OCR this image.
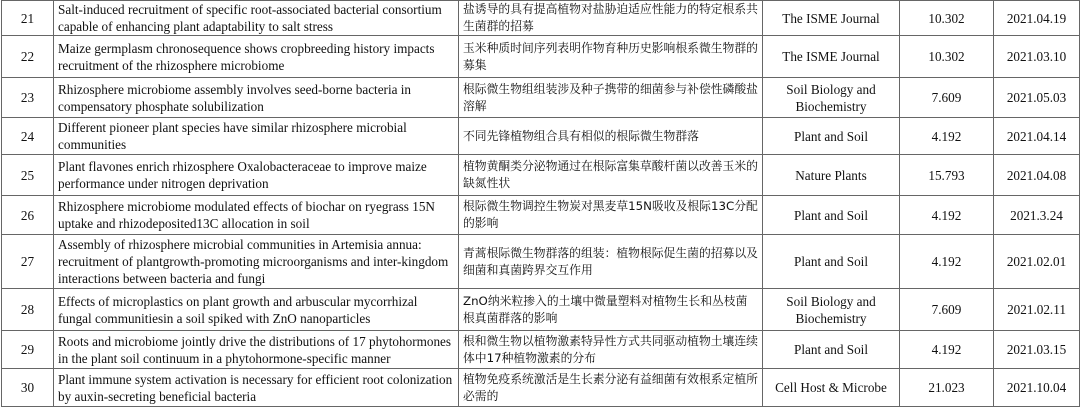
21	Salt-induced recruitment of specific root-associated bacterial consortium capable of enhancing plant adaptability to salt stress	盐诱导的具有提高植物对盐胁迫适应性能力的特定根系共生菌群的招募	The ISME Journal	10.302	2021.04.19
22	Maize germplasm chronosequence shows cropbreeding history impacts recruitment of the rhizosphere microbiome	玉米种质时间序列表明作物育种历史影响根系微生物群的募集	The ISME Journal	10.302	2021.03.10
23	Rhizosphere microbiome assembly involves seed-borne bacteria in compensatory phosphate solubilization	根际微生物组组装涉及种子携带的细菌参与补偿性磷酸盐溶解	Soil Biology and Biochemistry	7.609	2021.05.03
24	Different pioneer plant species have similar rhizosphere microbial communities	不同先锋植物组合具有相似的根际微生物群落	Plant and Soil	4.192	2021.04.14
25	Plant flavones enrich rhizosphere Oxalobacteraceae to improve maize performance under nitrogen deprivation	植物黄酮类分泌物通过在根际富集草酸杆菌以改善玉米的缺氮性状	Nature Plants	15.793	2021.04.08
26	Rhizosphere microbiome modulated effects of biochar on ryegrass 15N uptake and rhizodeposited13C allocation in soil	根际微生物调控生物炭对黑麦草15N吸收及根际13C分配的影响	Plant and Soil	4.192	2021.3.24
27	Assembly of rhizosphere microbial communities in Artemisia annua: recruitment of plantgrowth-promoting microorganisms and inter-kingdom interactions between bacteria and fungi	青蒿根际微生物群落的组装：植物根际促生菌的招募以及细菌和真菌跨界交互作用	Plant and Soil	4.192	2021.02.01
28	Effects of microplastics on plant growth and arbuscular mycorrhizal fungal communitiesin a soil spiked with ZnO nanoparticles	ZnO纳米粒掺入的土壤中微量塑料对植物生长和丛枝菌根真菌群落的影响	Soil Biology and Biochemistry	7.609	2021.02.11
29	Roots and microbiome jointly drive the distributions of 17 phytohormones in the plant soil continuum in a phytohormone‐specific manner	根和微生物以植物激素特异性方式共同驱动植物土壤连续体中17种植物激素的分布	Plant and Soil	4.192	2021.03.15
30	Plant immune system activation is necessary for efficient root colonization by auxin-secreting beneficial bacteria	植物免疫系统激活是生长素分泌有益细菌有效根系定植所必需的	Cell Host & Microbe	21.023	2021.10.04
